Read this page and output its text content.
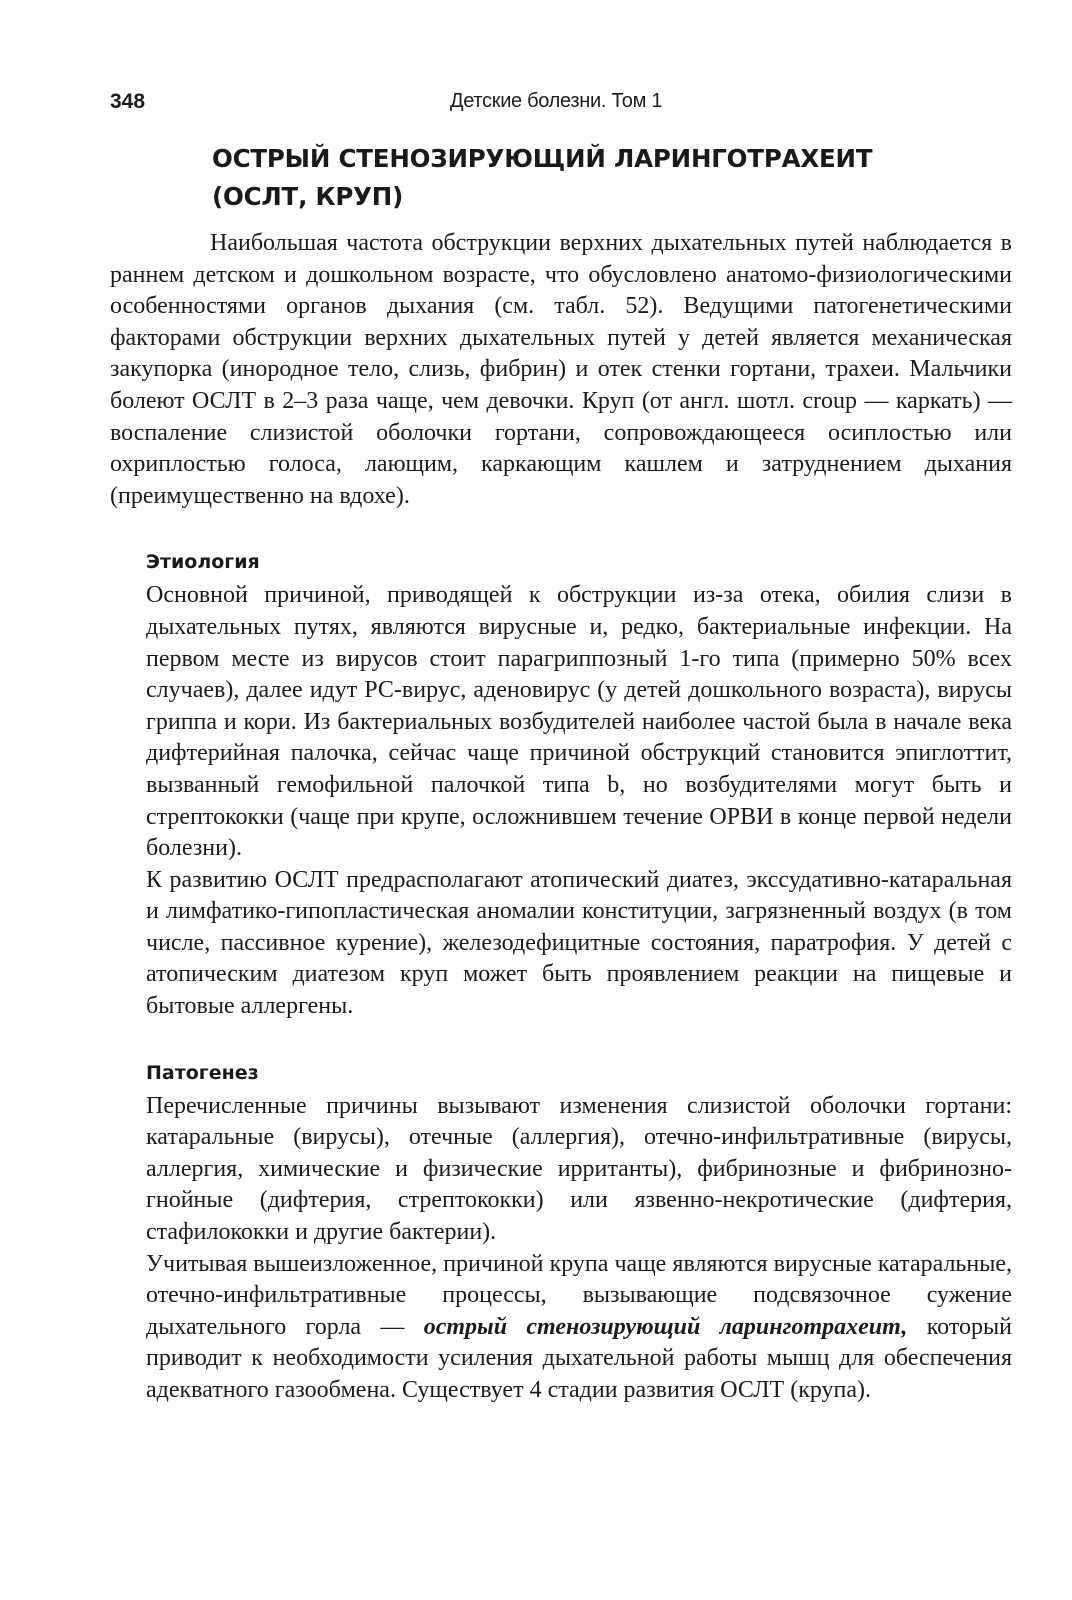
348	Детские болезни. Том 1
ОСТРЫЙ СТЕНОЗИРУЮЩИЙ ЛАРИНГОТРАХЕИТ
(ОСЛТ, КРУП)

Наибольшая частота обструкции верхних дыхательных путей наблюдается в раннем детском и дошкольном возрасте, что обусловлено анатомо-физиологическими особенностями органов дыхания (см. табл. 52). Ведущими патогенетическими факторами обструкции верхних дыхательных путей у детей является механическая закупорка (инородное тело, слизь, фибрин) и отек стенки гортани, трахеи. Мальчики болеют ОСЛТ в 2–3 раза чаще, чем девочки. Круп (от англ. шотл. croup — каркать) — воспаление слизистой оболочки гортани, сопровождающееся осиплостью или охриплостью голоса, лающим, каркающим кашлем и затруднением дыхания (преимущественно на вдохе).

Этиология

Основной причиной, приводящей к обструкции из-за отека, обилия слизи в дыхательных путях, являются вирусные и, редко, бактериальные инфекции. На первом месте из вирусов стоит парагриппозный 1-го типа (примерно 50% всех случаев), далее идут РС-вирус, аденовирус (у детей дошкольного возраста), вирусы гриппа и кори. Из бактериальных возбудителей наиболее частой была в начале века дифтерийная палочка, сейчас чаще причиной обструкций становится эпиглоттит, вызванный гемофильной палочкой типа b, но возбудителями могут быть и стрептококки (чаще при крупе, осложнившем течение ОРВИ в конце первой недели болезни).

К развитию ОСЛТ предрасполагают атопический диатез, экссудативно-катаральная и лимфатико-гипопластическая аномалии конституции, загрязненный воздух (в том числе, пассивное курение), железодефицитные состояния, паратрофия. У детей с атопическим диатезом круп может быть проявлением реакции на пищевые и бытовые аллергены.

Патогенез

Перечисленные причины вызывают изменения слизистой оболочки гортани: катаральные (вирусы), отечные (аллергия), отечно-инфильтративные (вирусы, аллергия, химические и физические ирританты), фибринозные и фибринозно-гнойные (дифтерия, стрептококки) или язвенно-некротические (дифтерия, стафилококки и другие бактерии).

Учитывая вышеизложенное, причиной крупа чаще являются вирусные катаральные, отечно-инфильтративные процессы, вызывающие подсвязочное сужение дыхательного горла — острый стенозирующий ларинготрахеит, который приводит к необходимости усиления дыхательной работы мышц для обеспечения адекватного газообмена. Существует 4 стадии развития ОСЛТ (крупа).
